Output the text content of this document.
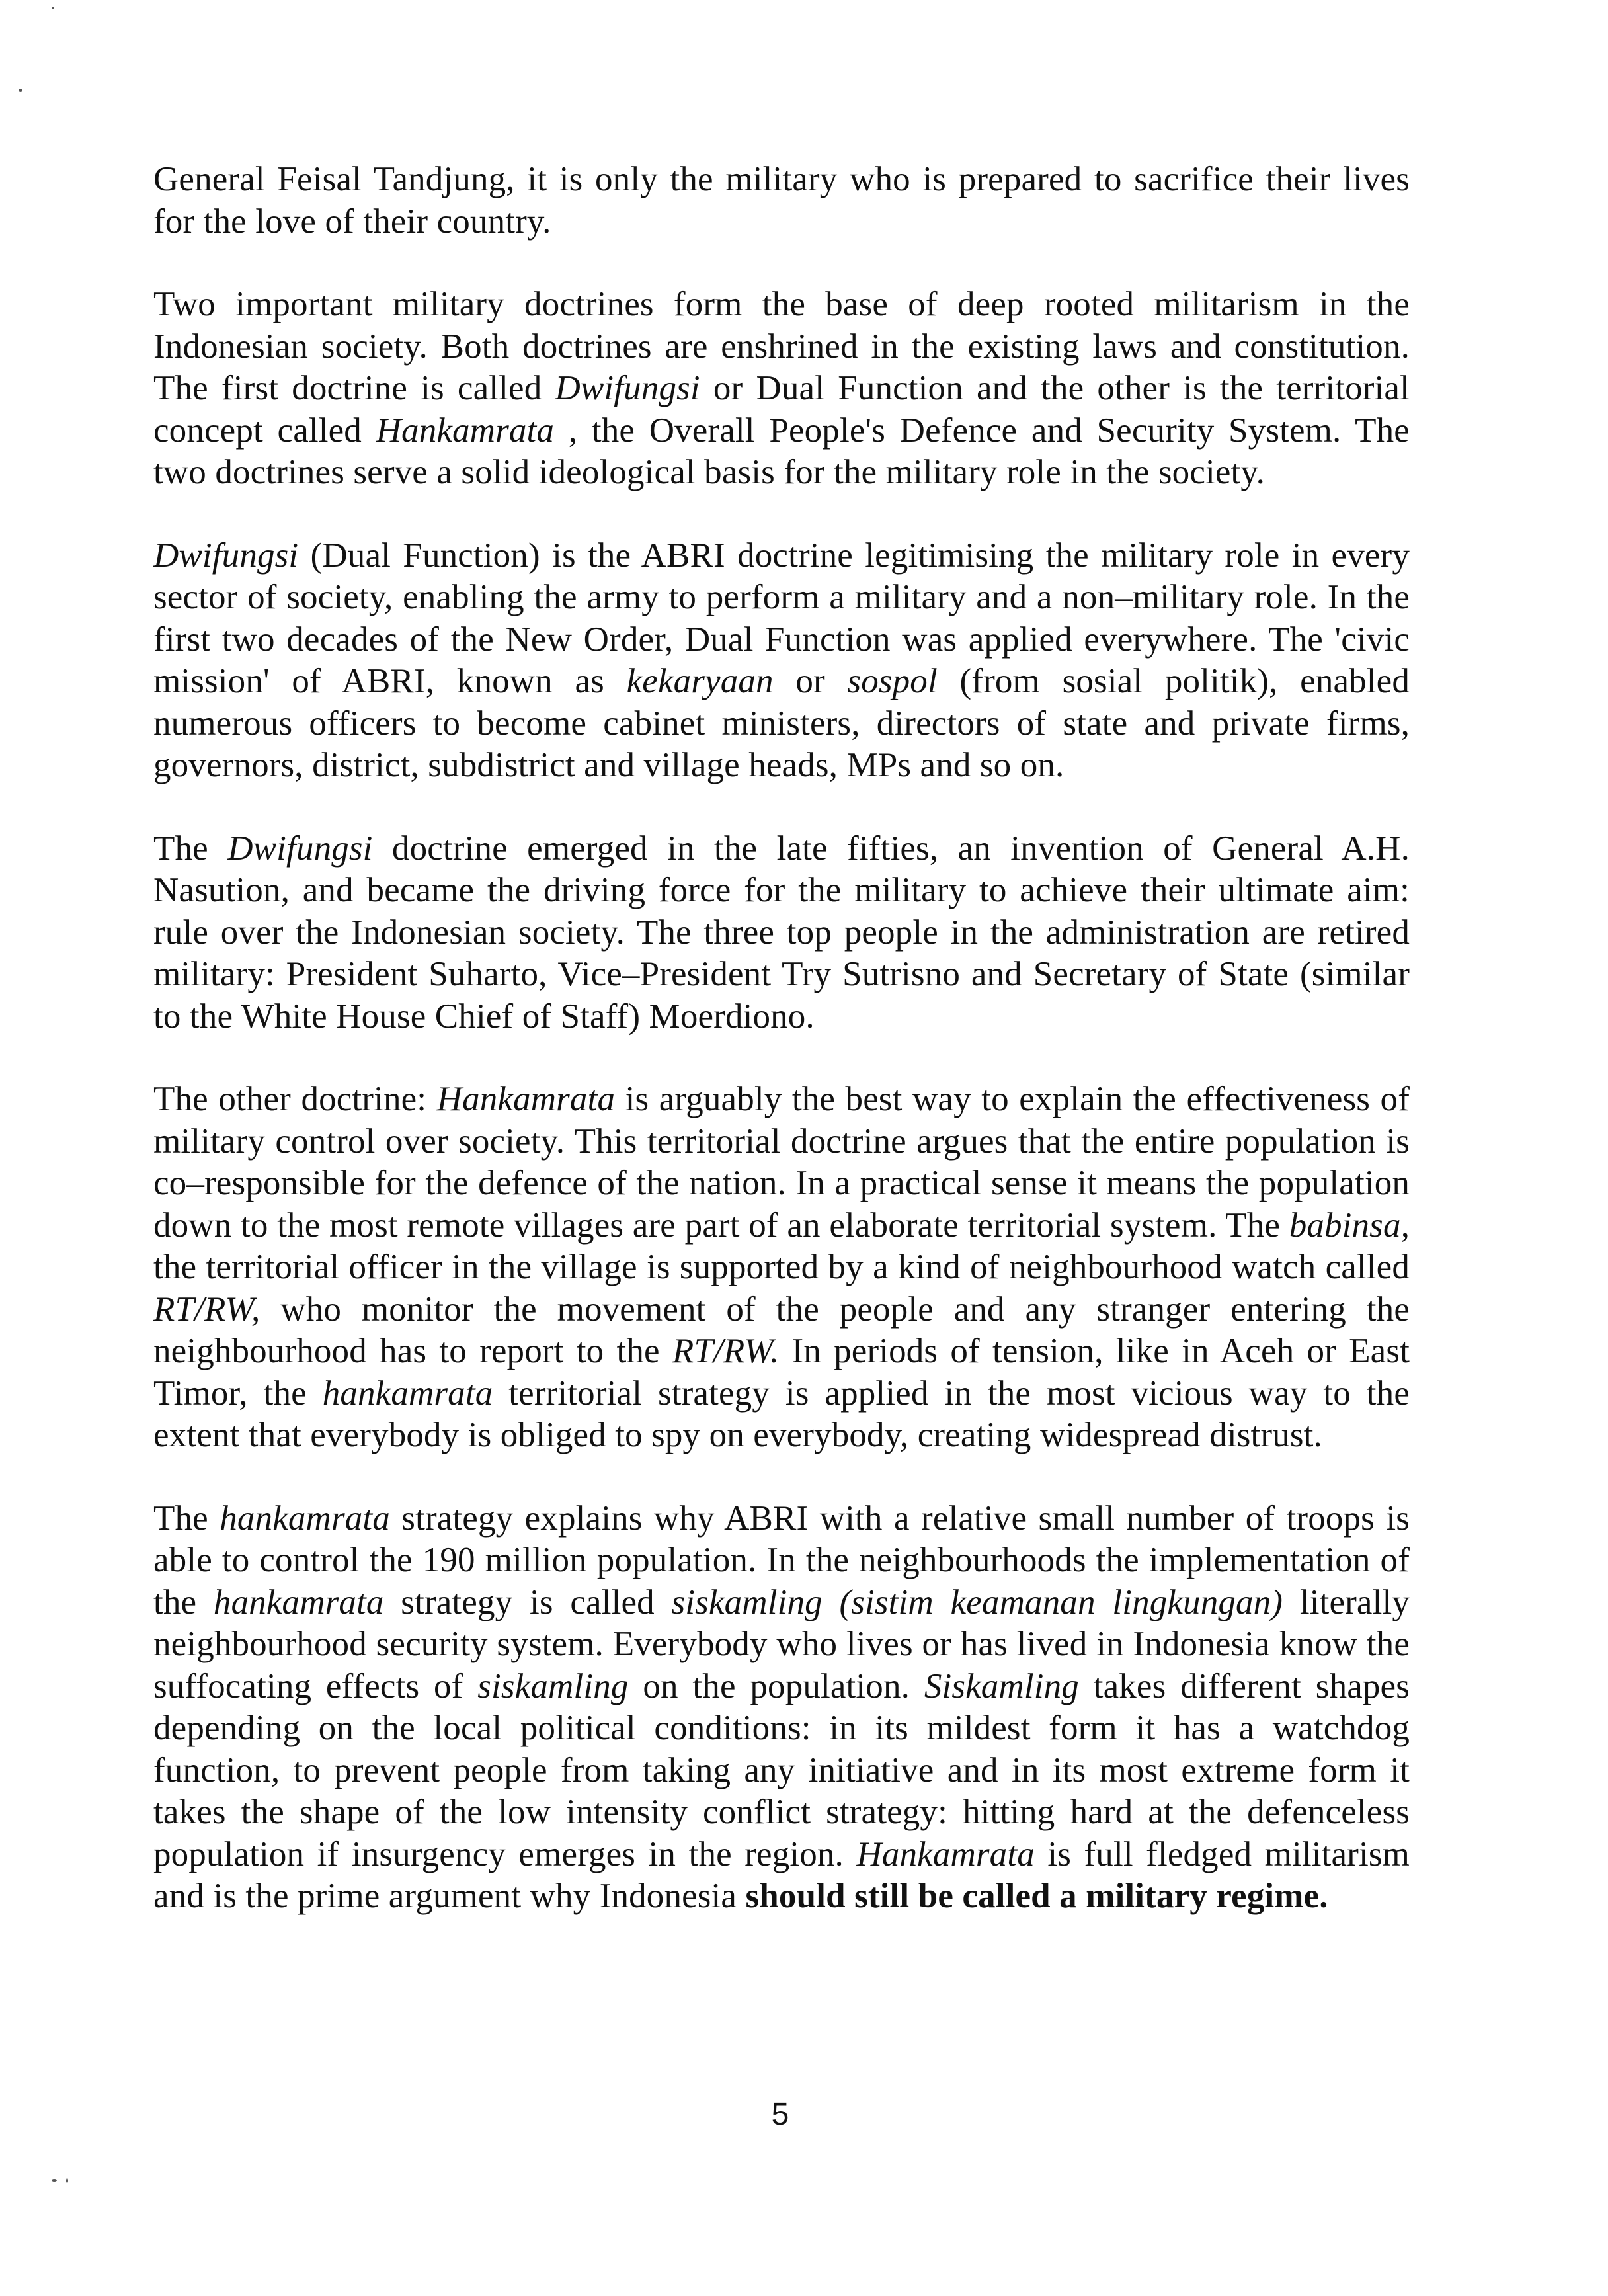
General Feisal Tandjung, it is only the military who is prepared to sacrifice their lives for the love of their country.

Two important military doctrines form the base of deep rooted militarism in the Indonesian society. Both doctrines are enshrined in the existing laws and constitution. The first doctrine is called Dwifungsi or Dual Function and the other is the territorial concept called Hankamrata , the Overall People's Defence and Security System. The two doctrines serve a solid ideological basis for the military role in the society.

Dwifungsi (Dual Function) is the ABRI doctrine legitimising the military role in every sector of society, enabling the army to perform a military and a non–military role. In the first two decades of the New Order, Dual Function was applied everywhere. The 'civic mission' of ABRI, known as kekaryaan or sospol (from sosial politik), enabled numerous officers to become cabinet ministers, directors of state and private firms, governors, district, subdistrict and village heads, MPs and so on.

The Dwifungsi doctrine emerged in the late fifties, an invention of General A.H. Nasution, and became the driving force for the military to achieve their ultimate aim: rule over the Indonesian society. The three top people in the administration are retired military: President Suharto, Vice–President Try Sutrisno and Secretary of State (similar to the White House Chief of Staff) Moerdiono.

The other doctrine: Hankamrata is arguably the best way to explain the effectiveness of military control over society. This territorial doctrine argues that the entire population is co–responsible for the defence of the nation. In a practical sense it means the population down to the most remote villages are part of an elaborate territorial system. The babinsa, the territorial officer in the village is supported by a kind of neighbourhood watch called RT/RW, who monitor the movement of the people and any stranger entering the neighbourhood has to report to the RT/RW. In periods of tension, like in Aceh or East Timor, the hankamrata territorial strategy is applied in the most vicious way to the extent that everybody is obliged to spy on everybody, creating widespread distrust.

The hankamrata strategy explains why ABRI with a relative small number of troops is able to control the 190 million population. In the neighbourhoods the implementation of the hankamrata strategy is called siskamling (sistim keamanan lingkungan) literally neighbourhood security system. Everybody who lives or has lived in Indonesia know the suffocating effects of siskamling on the population. Siskamling takes different shapes depending on the local political conditions: in its mildest form it has a watchdog function, to prevent people from taking any initiative and in its most extreme form it takes the shape of the low intensity conflict strategy: hitting hard at the defenceless population if insurgency emerges in the region. Hankamrata is full fledged militarism and is the prime argument why Indonesia should still be called a military regime.

5
